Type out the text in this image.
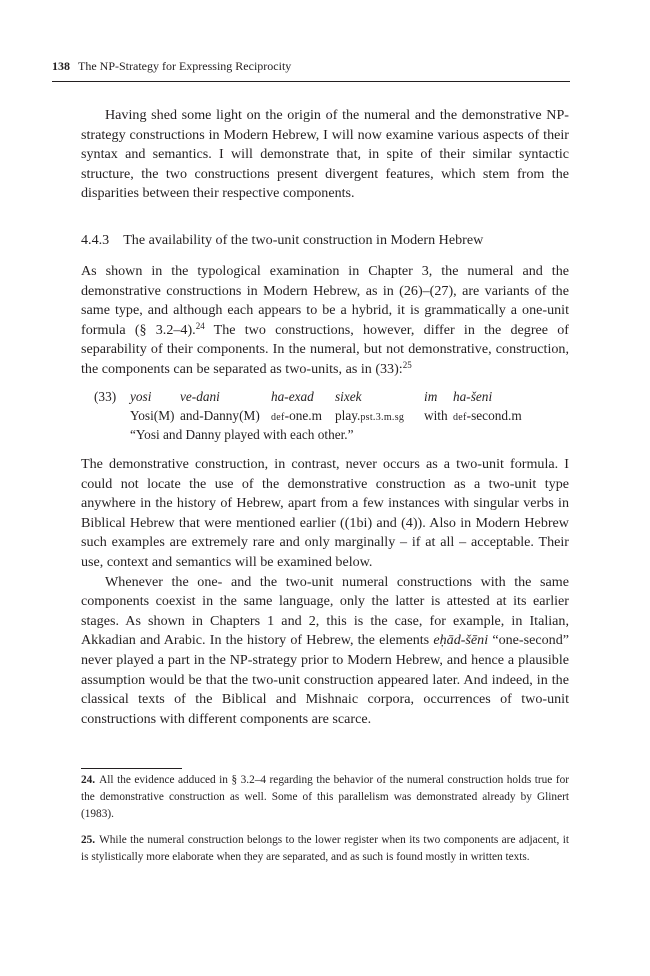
138 The NP-Strategy for Expressing Reciprocity

Having shed some light on the origin of the numeral and the demonstrative NP-strategy constructions in Modern Hebrew, I will now examine various aspects of their syntax and semantics. I will demonstrate that, in spite of their similar syntactic structure, the two constructions present divergent features, which stem from the disparities between their respective components.

4.4.3 The availability of the two-unit construction in Modern Hebrew

As shown in the typological examination in Chapter 3, the numeral and the demonstrative constructions in Modern Hebrew, as in (26)–(27), are variants of the same type, and although each appears to be a hybrid, it is grammatically a one-unit formula (§ 3.2–4).$^{24}$ The two constructions, however, differ in the degree of separability of their components. In the numeral, but not demonstrative, construction, the components can be separated as two-units, as in (33):$^{25}$

(33) yosi ve-dani	ha-exad sixek	im ha-šeni
Yosi(M) and-Danny(M) def-one.m play.pst.3.m.sg with def-second.m
“Yosi and Danny played with each other.”

The demonstrative construction, in contrast, never occurs as a two-unit formula. I could not locate the use of the demonstrative construction as a two-unit type anywhere in the history of Hebrew, apart from a few instances with singular verbs in Biblical Hebrew that were mentioned earlier ((1bi) and (4)). Also in Modern Hebrew such examples are extremely rare and only marginally – if at all – acceptable. Their use, context and semantics will be examined below.

Whenever the one- and the two-unit numeral constructions with the same components coexist in the same language, only the latter is attested at its earlier stages. As shown in Chapters 1 and 2, this is the case, for example, in Italian, Akkadian and Arabic. In the history of Hebrew, the elements eḥād-šēni “one-second” never played a part in the NP-strategy prior to Modern Hebrew, and hence a plausible assumption would be that the two-unit construction appeared later. And indeed, in the classical texts of the Biblical and Mishnaic corpora, occurrences of two-unit constructions with different components are scarce.

24. All the evidence adduced in § 3.2–4 regarding the behavior of the numeral construction holds true for the demonstrative construction as well. Some of this parallelism was demonstrated already by Glinert (1983).
25. While the numeral construction belongs to the lower register when its two components are adjacent, it is stylistically more elaborate when they are separated, and as such is found mostly in written texts.
